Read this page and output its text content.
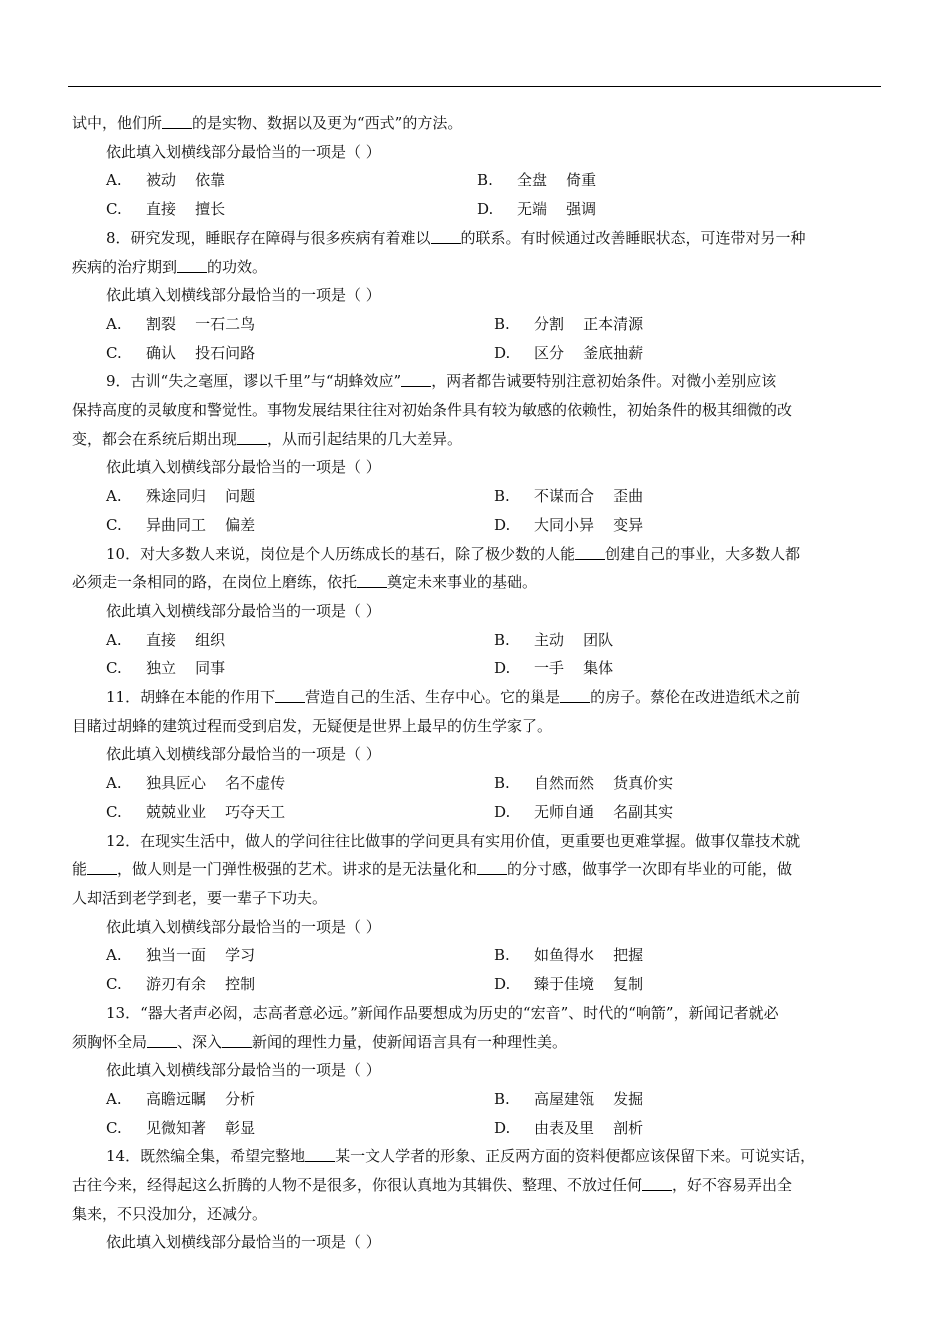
试中，他们所 的是实物、数据以及更为“西式”的方法。

依此填入划横线部分最恰当的一项是（ ）

A. 被动    依靠	B. 全盘    倚重
C. 直接    擅长	D. 无端    强调

8．研究发现，睡眠存在障碍与很多疾病有着难以 的联系。有时候通过改善睡眠状态，可连带对另一种

疾病的治疗期到 的功效。

依此填入划横线部分最恰当的一项是（ ）

A. 割裂    一石二鸟	B. 分割    正本清源
C. 确认    投石问路	D. 区分    釜底抽薪

9．古训“失之毫厘，谬以千里”与“胡蜂效应” ，两者都告诫要特别注意初始条件。对微小差别应该

保持高度的灵敏度和警觉性。事物发展结果往往对初始条件具有较为敏感的依赖性，初始条件的极其细微的改

变，都会在系统后期出现 ，从而引起结果的几大差异。

依此填入划横线部分最恰当的一项是（ ）

A. 殊途同归    问题	B. 不谋而合    歪曲
C. 异曲同工    偏差	D. 大同小异    变异

10．对大多数人来说，岗位是个人历练成长的基石，除了极少数的人能 创建自己的事业，大多数人都

必须走一条相同的路，在岗位上磨练，依托 奠定未来事业的基础。

依此填入划横线部分最恰当的一项是（ ）

A. 直接    组织	B. 主动    团队
C. 独立    同事	D. 一手    集体

11．胡蜂在本能的作用下 营造自己的生活、生存中心。它的巢是 的房子。蔡伦在改进造纸术之前

目睹过胡蜂的建筑过程而受到启发，无疑便是世界上最早的仿生学家了。

依此填入划横线部分最恰当的一项是（ ）

A. 独具匠心    名不虚传	B. 自然而然    货真价实
C. 兢兢业业    巧夺天工	D. 无师自通    名副其实

12．在现实生活中，做人的学问往往比做事的学问更具有实用价值，更重要也更难掌握。做事仅靠技术就

能 ，做人则是一门弹性极强的艺术。讲求的是无法量化和 的分寸感，做事学一次即有毕业的可能，做

人却活到老学到老，要一辈子下功夫。

依此填入划横线部分最恰当的一项是（ ）

A. 独当一面    学习	B. 如鱼得水    把握
C. 游刃有余    控制	D. 臻于佳境    复制

13．“器大者声必闳，志高者意必远。”新闻作品要想成为历史的“宏音”、时代的“响箭”，新闻记者就必

须胸怀全局 、深入 新闻的理性力量，使新闻语言具有一种理性美。

依此填入划横线部分最恰当的一项是（ ）

A. 高瞻远瞩    分析	B. 高屋建瓴    发掘
C. 见微知著    彰显	D. 由表及里    剖析

14．既然编全集，希望完整地 某一文人学者的形象、正反两方面的资料便都应该保留下来。可说实话，

古往今来，经得起这么折腾的人物不是很多，你很认真地为其辑佚、整理、不放过任何 ，好不容易弄出全

集来，不只没加分，还减分。

依此填入划横线部分最恰当的一项是（ ）
